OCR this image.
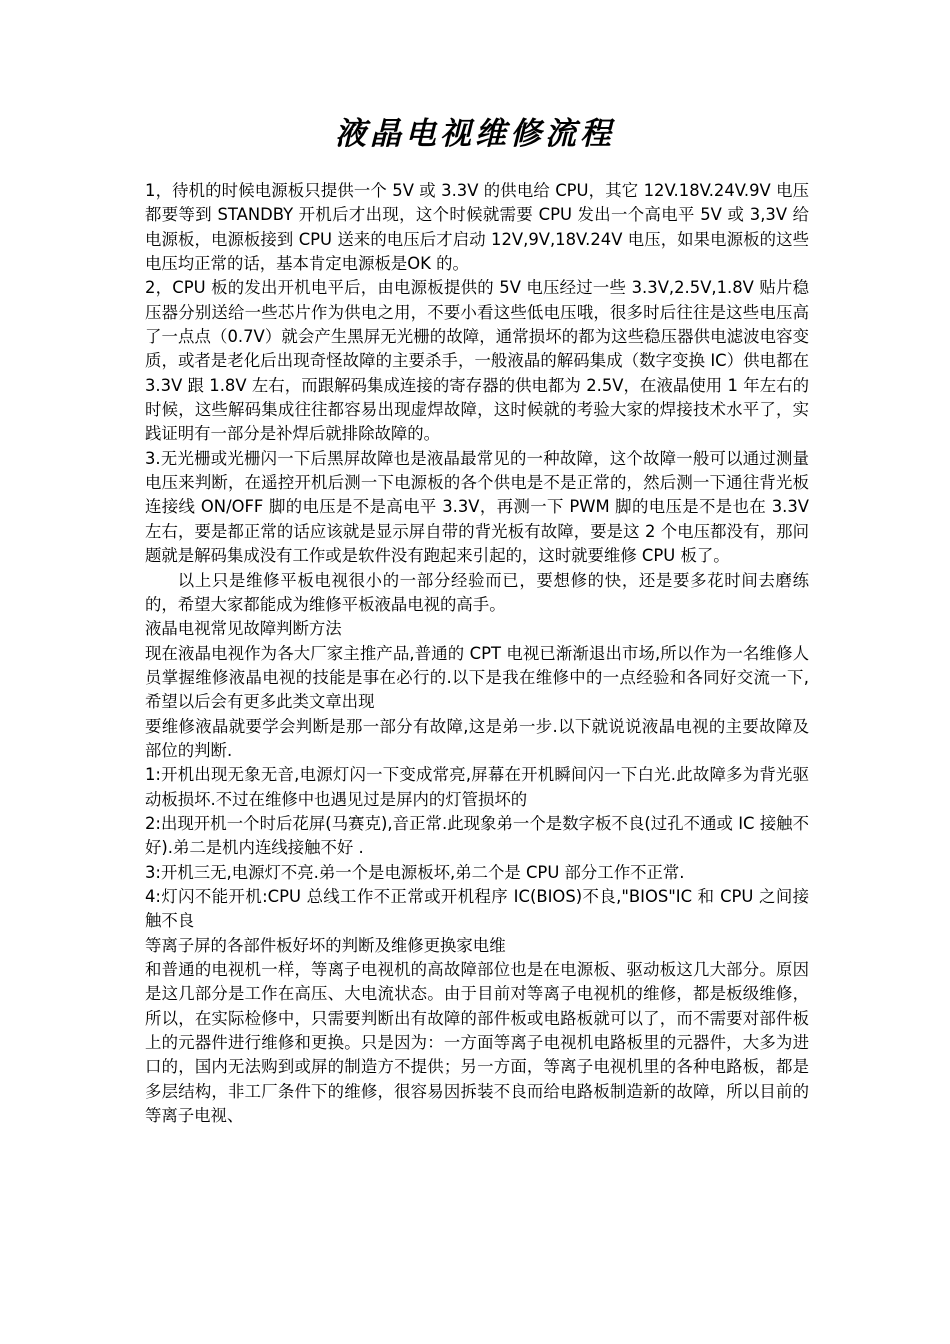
液晶电视维修流程

1，待机的时候电源板只提供一个 5V 或 3.3V 的供电给 CPU，其它 12V.18V.24V.9V 电压都要等到 STANDBY 开机后才出现，这个时候就需要 CPU 发出一个高电平 5V 或 3,3V 给电源板，电源板接到 CPU 送来的电压后才启动 12V,9V,18V.24V 电压，如果电源板的这些电压均正常的话，基本肯定电源板是OK 的。

2，CPU 板的发出开机电平后，由电源板提供的 5V 电压经过一些 3.3V,2.5V,1.8V 贴片稳压器分别送给一些芯片作为供电之用，不要小看这些低电压哦，很多时后往往是这些电压高了一点点（0.7V）就会产生黑屏无光栅的故障，通常损坏的都为这些稳压器供电滤波电容变质，或者是老化后出现奇怪故障的主要杀手，一般液晶的解码集成（数字变换 IC）供电都在 3.3V 跟 1.8V 左右，而跟解码集成连接的寄存器的供电都为 2.5V，在液晶使用 1 年左右的时候，这些解码集成往往都容易出现虚焊故障，这时候就的考验大家的焊接技术水平了，实践证明有一部分是补焊后就排除故障的。

3.无光栅或光栅闪一下后黑屏故障也是液晶最常见的一种故障，这个故障一般可以通过测量电压来判断，在遥控开机后测一下电源板的各个供电是不是正常的，然后测一下通往背光板连接线 ON/OFF 脚的电压是不是高电平 3.3V，再测一下 PWM 脚的电压是不是也在 3.3V 左右，要是都正常的话应该就是显示屏自带的背光板有故障，要是这 2 个电压都没有，那问题就是解码集成没有工作或是软件没有跑起来引起的，这时就要维修 CPU 板了。

以上只是维修平板电视很小的一部分经验而已，要想修的快，还是要多花时间去磨练的，希望大家都能成为维修平板液晶电视的高手。

液晶电视常见故障判断方法

现在液晶电视作为各大厂家主推产品,普通的 CPT 电视已渐渐退出市场,所以作为一名维修人员掌握维修液晶电视的技能是事在必行的.以下是我在维修中的一点经验和各同好交流一下,希望以后会有更多此类文章出现

要维修液晶就要学会判断是那一部分有故障,这是弟一步.以下就说说液晶电视的主要故障及部位的判断.

1:开机出现无象无音,电源灯闪一下变成常亮,屏幕在开机瞬间闪一下白光.此故障多为背光驱动板损坏.不过在维修中也遇见过是屏内的灯管损坏的

2:出现开机一个时后花屏(马赛克),音正常.此现象弟一个是数字板不良(过孔不通或 IC 接触不好).弟二是机内连线接触不好 .

3:开机三无,电源灯不亮.弟一个是电源板坏,弟二个是 CPU 部分工作不正常.

4:灯闪不能开机:CPU 总线工作不正常或开机程序 IC(BIOS)不良,"BIOS"IC 和 CPU 之间接触不良

等离子屏的各部件板好坏的判断及维修更换家电维

和普通的电视机一样，等离子电视机的高故障部位也是在电源板、驱动板这几大部分。原因是这几部分是工作在高压、大电流状态。由于目前对等离子电视机的维修，都是板级维修，所以，在实际检修中，只需要判断出有故障的部件板或电路板就可以了，而不需要对部件板上的元器件进行维修和更换。只是因为：一方面等离子电视机电路板里的元器件，大多为进口的，国内无法购到或屏的制造方不提供；另一方面，等离子电视机里的各种电路板，都是多层结构，非工厂条件下的维修，很容易因拆装不良而给电路板制造新的故障，所以目前的等离子电视、
